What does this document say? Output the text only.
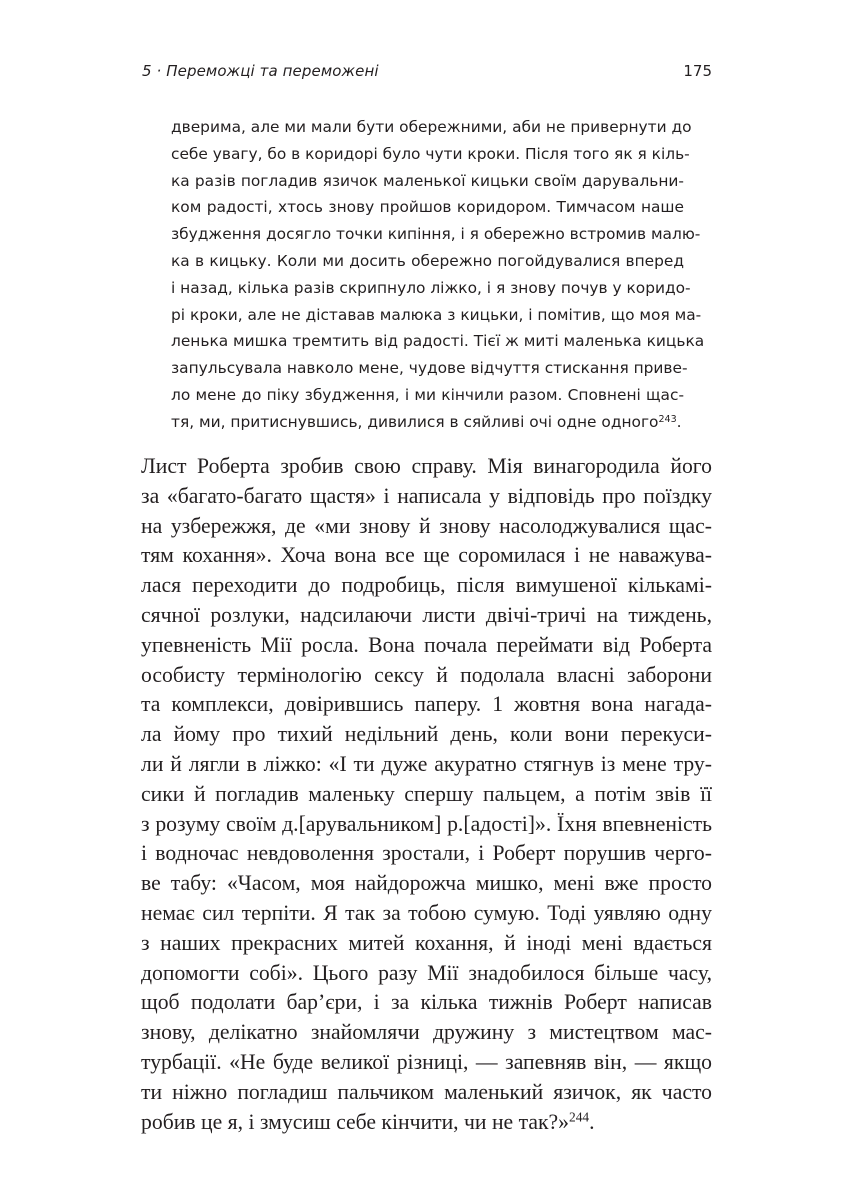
5 · Переможці та переможені	175
дверима, але ми мали бути обережними, аби не привернути до
себе увагу, бо в коридорі було чути кроки. Після того як я кіль-
ка разів погладив язичок маленької кицьки своїм дарувальни-
ком радості, хтось знову пройшов коридором. Тимчасом наше
збудження досягло точки кипіння, і я обережно встромив малю-
ка в кицьку. Коли ми досить обережно погойдувалися вперед
і назад, кілька разів скрипнуло ліжко, і я знову почув у коридо-
рі кроки, але не діставав малюка з кицьки, і помітив, що моя ма-
ленька мишка тремтить від радості. Тієї ж миті маленька кицька
запульсувала навколо мене, чудове відчуття стискання приве-
ло мене до піку збудження, і ми кінчили разом. Сповнені щас-
тя, ми, притиснувшись, дивилися в сяйливі очі одне одного$^{243}$.
Лист Роберта зробив свою справу. Мія винагородила його
за «багато-багато щастя» і написала у відповідь про поїздку
на узбережжя, де «ми знову й знову насолоджувалися щас-
тям кохання». Хоча вона все ще соромилася і не наважува-
лася переходити до подробиць, після вимушеної кількамі-
сячної розлуки, надсилаючи листи двічі-тричі на тиждень,
упевненість Мії росла. Вона почала переймати від Роберта
особисту термінологію сексу й подолала власні заборони
та комплекси, довірившись паперу. 1 жовтня вона нагада-
ла йому про тихий недільний день, коли вони перекуси-
ли й лягли в ліжко: «І ти дуже акуратно стягнув із мене тру-
сики й погладив маленьку спершу пальцем, а потім звів її
з розуму своїм д.[арувальником] р.[адості]». Їхня впевненість
і водночас невдоволення зростали, і Роберт порушив черго-
ве табу: «Часом, моя найдорожча мишко, мені вже просто
немає сил терпіти. Я так за тобою сумую. Тоді уявляю одну
з наших прекрасних митей кохання, й іноді мені вдається
допомогти собі». Цього разу Мії знадобилося більше часу,
щоб подолати бар’єри, і за кілька тижнів Роберт написав
знову, делікатно знайомлячи дружину з мистецтвом мас-
турбації. «Не буде великої різниці, — запевняв він, — якщо
ти ніжно погладиш пальчиком маленький язичок, як часто
робив це я, і змусиш себе кінчити, чи не так?»$^{244}$.
